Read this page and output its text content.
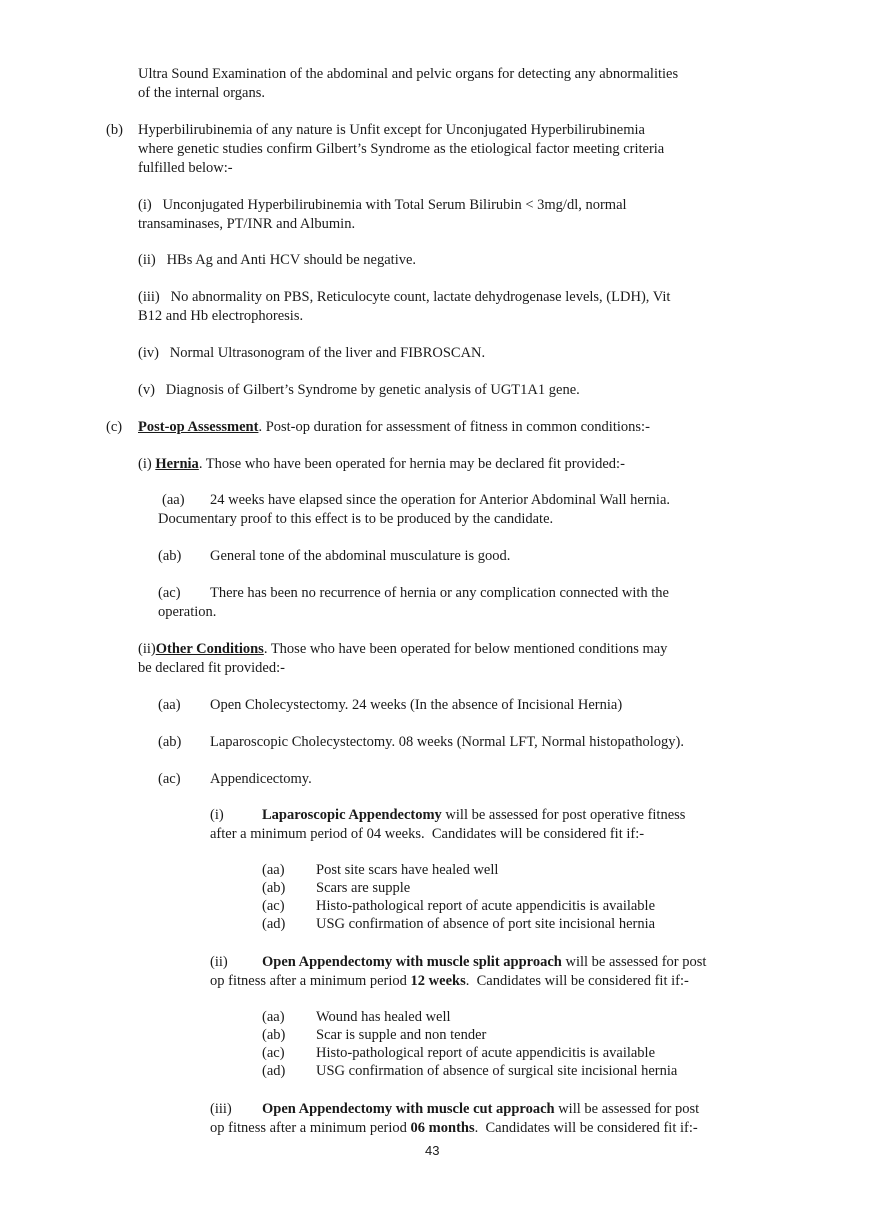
Ultra Sound Examination of the abdominal and pelvic organs for detecting any abnormalities
of the internal organs.
(b) Hyperbilirubinemia of any nature is Unfit except for Unconjugated Hyperbilirubinemia
where genetic studies confirm Gilbert’s Syndrome as the etiological factor meeting criteria
fulfilled below:-
(i)   Unconjugated Hyperbilirubinemia with Total Serum Bilirubin < 3mg/dl, normal
transaminases, PT/INR and Albumin.
(ii)   HBs Ag and Anti HCV should be negative.
(iii)   No abnormality on PBS, Reticulocyte count, lactate dehydrogenase levels, (LDH), Vit
B12 and Hb electrophoresis.
(iv)   Normal Ultrasonogram of the liver and FIBROSCAN.
(v)   Diagnosis of Gilbert’s Syndrome by genetic analysis of UGT1A1 gene.
(c) Post-op Assessment. Post-op duration for assessment of fitness in common conditions:-
(i) Hernia. Those who have been operated for hernia may be declared fit provided:-
(aa) 24 weeks have elapsed since the operation for Anterior Abdominal Wall hernia.
Documentary proof to this effect is to be produced by the candidate.
(ab) General tone of the abdominal musculature is good.
(ac) There has been no recurrence of hernia or any complication connected with the
operation.
(ii)Other Conditions. Those who have been operated for below mentioned conditions may
be declared fit provided:-
(aa) Open Cholecystectomy. 24 weeks (In the absence of Incisional Hernia)
(ab) Laparoscopic Cholecystectomy. 08 weeks (Normal LFT, Normal histopathology).
(ac) Appendicectomy.
(i)	Laparoscopic Appendectomy will be assessed for post operative fitness
after a minimum period of 04 weeks.  Candidates will be considered fit if:-
(aa) Post site scars have healed well
(ab) Scars are supple
(ac) Histo-pathological report of acute appendicitis is available
(ad) USG confirmation of absence of port site incisional hernia
(ii) Open Appendectomy with muscle split approach will be assessed for post
op fitness after a minimum period 12 weeks.  Candidates will be considered fit if:-
(aa) Wound has healed well
(ab) Scar is supple and non tender
(ac) Histo-pathological report of acute appendicitis is available
(ad) USG confirmation of absence of surgical site incisional hernia
(iii) Open Appendectomy with muscle cut approach will be assessed for post
op fitness after a minimum period 06 months.  Candidates will be considered fit if:-
43
